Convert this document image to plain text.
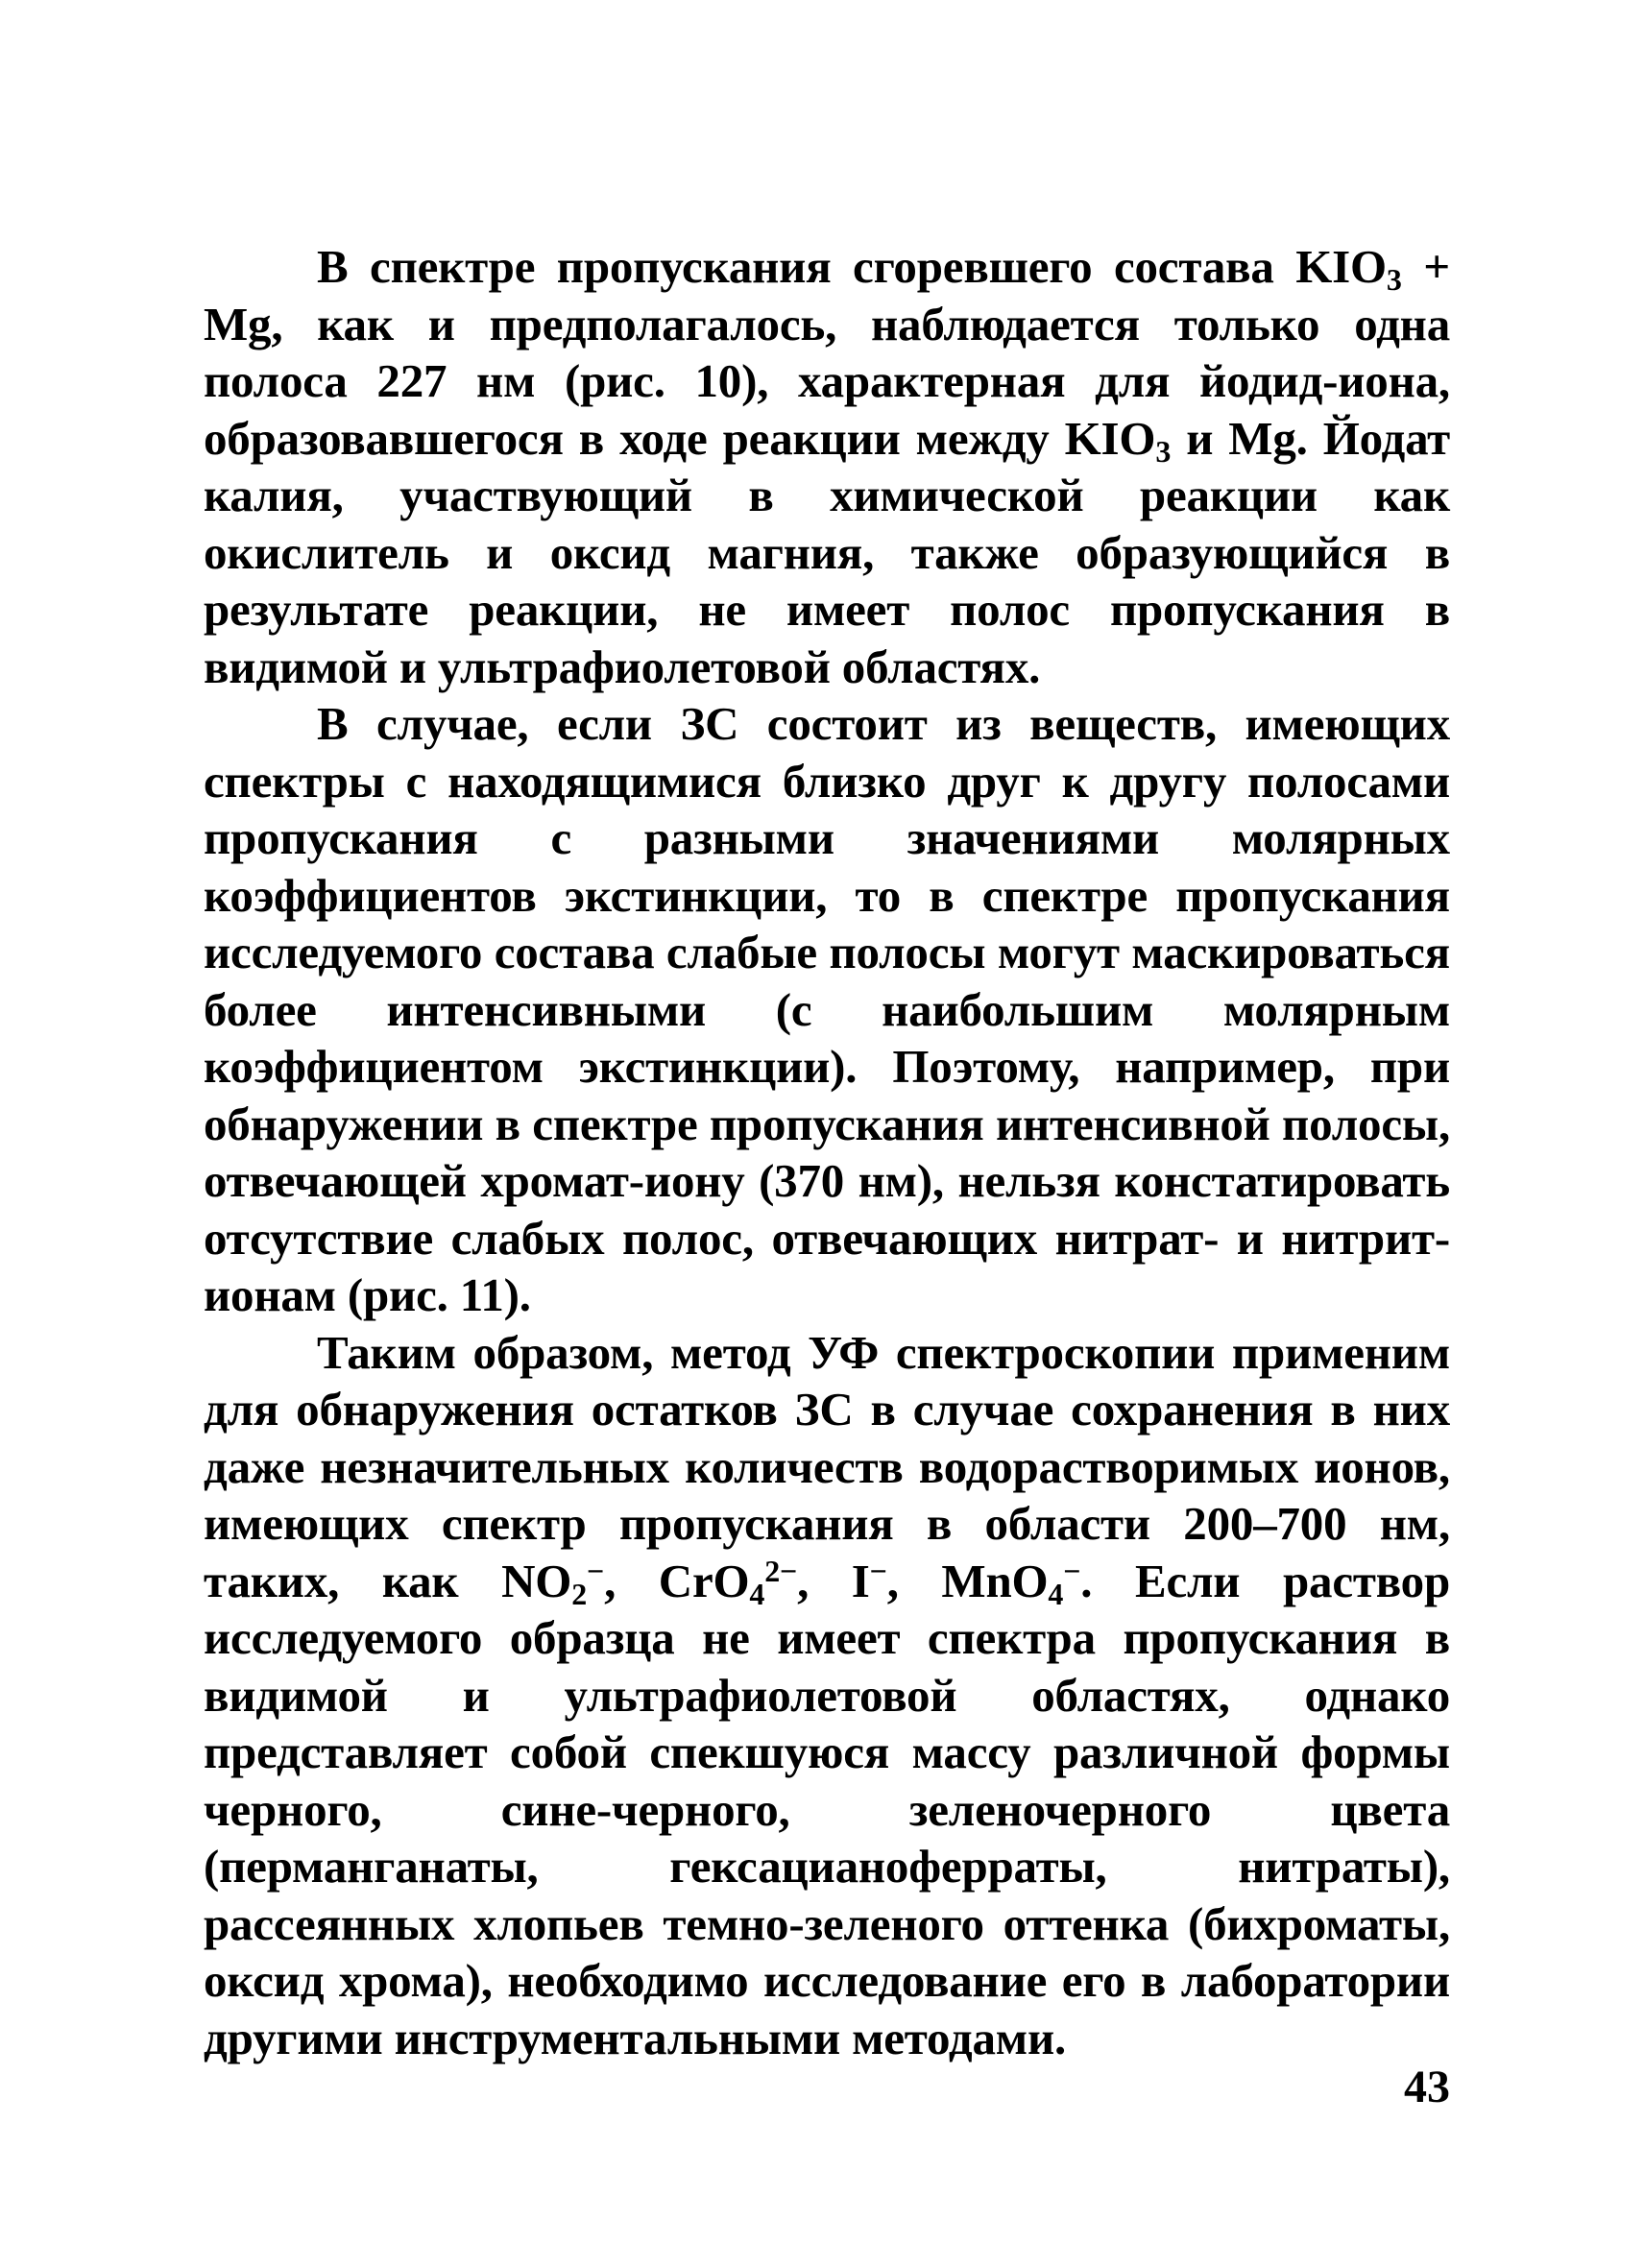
В спектре пропускания сгоревшего состава $KIO_3 + Mg$, как и предполагалось, наблюдается только одна полоса 227 нм (рис. 10), характерная для йодид-иона, образовавшегося в ходе реакции между $KIO_3$ и Mg. Йодат калия, участвующий в химической реакции как окислитель и оксид магния, также образующийся в результате реакции, не имеет полос пропускания в видимой и ультрафиолетовой областях.

В случае, если ЗС состоит из веществ, имеющих спектры с находящимися близко друг к другу полосами пропускания с разными значениями молярных коэффициентов экстинкции, то в спектре пропускания исследуемого состава слабые полосы могут маскироваться более интенсивными (с наибольшим молярным коэффициентом экстинкции). Поэтому, например, при обнаружении в спектре пропускания интенсивной полосы, отвечающей хромат-иону (370 нм), нельзя констатировать отсутствие слабых полос, отвечающих нитрат- и нитрит-ионам (рис. 11).

Таким образом, метод УФ спектроскопии применим для обнаружения остатков ЗС в случае сохранения в них даже незначительных количеств водорастворимых ионов, имеющих спектр пропускания в области 200–700 нм, таких, как $NO_2^-$, CrO$_4^{2-}$, I−, MnO$_4$−. Если раствор исследуемого образца не имеет спектра пропускания в видимой и ультрафиолетовой областях, однако представляет собой спекшуюся массу различной формы черного, сине-черного, зеленочерного цвета (перманганаты, гексацианоферраты, нитраты), рассеянных хлопьев темно-зеленого оттенка (бихроматы, оксид хрома), необходимо исследование его в лаборатории другими инструментальными методами.

43
